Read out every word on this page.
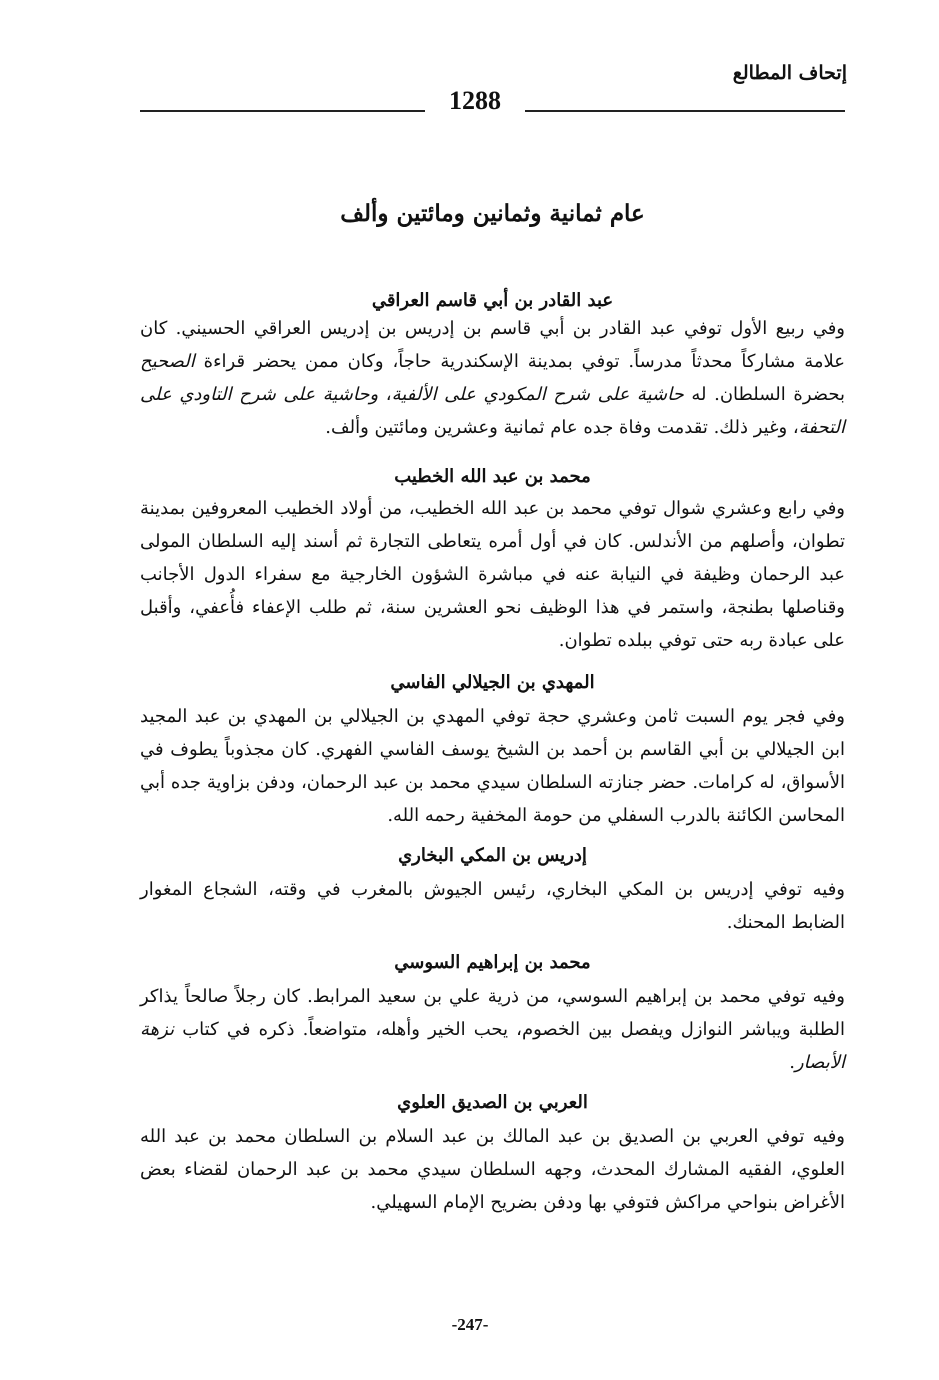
إتحاف المطالع
1288
عام ثمانية وثمانين ومائتين وألف
عبد القادر بن أبي قاسم العراقي

وفي ربيع الأول توفي عبد القادر بن أبي قاسم بن إدريس بن إدريس العراقي الحسيني. كان علامة مشاركاً محدثاً مدرساً. توفي بمدينة الإسكندرية حاجاً، وكان ممن يحضر قراءة الصحيح بحضرة السلطان. له حاشية على شرح المكودي على الألفية، وحاشية على شرح التاودي على التحفة، وغير ذلك. تقدمت وفاة جده عام ثمانية وعشرين ومائتين وألف.

محمد بن عبد الله الخطيب

وفي رابع وعشري شوال توفي محمد بن عبد الله الخطيب، من أولاد الخطيب المعروفين بمدينة تطوان، وأصلهم من الأندلس. كان في أول أمره يتعاطى التجارة ثم أسند إليه السلطان المولى عبد الرحمان وظيفة في النيابة عنه في مباشرة الشؤون الخارجية مع سفراء الدول الأجانب وقناصلها بطنجة، واستمر في هذا الوظيف نحو العشرين سنة، ثم طلب الإعفاء فأُعفي، وأقبل على عبادة ربه حتى توفي ببلده تطوان.

المهدي بن الجيلالي الفاسي

وفي فجر يوم السبت ثامن وعشري حجة توفي المهدي بن الجيلالي بن المهدي بن عبد المجيد ابن الجيلالي بن أبي القاسم بن أحمد بن الشيخ يوسف الفاسي الفهري. كان مجذوباً يطوف في الأسواق، له كرامات. حضر جنازته السلطان سيدي محمد بن عبد الرحمان، ودفن بزاوية جده أبي المحاسن الكائنة بالدرب السفلي من حومة المخفية رحمه الله.

إدريس بن المكي البخاري

وفيه توفي إدريس بن المكي البخاري، رئيس الجيوش بالمغرب في وقته، الشجاع المغوار الضابط المحنك.

محمد بن إبراهيم السوسي

وفيه توفي محمد بن إبراهيم السوسي، من ذرية علي بن سعيد المرابط. كان رجلاً صالحاً يذاكر الطلبة ويباشر النوازل ويفصل بين الخصوم، يحب الخير وأهله، متواضعاً. ذكره في كتاب نزهة الأبصار.

العربي بن الصديق العلوي

وفيه توفي العربي بن الصديق بن عبد المالك بن عبد السلام بن السلطان محمد بن عبد الله العلوي، الفقيه المشارك المحدث، وجهه السلطان سيدي محمد بن عبد الرحمان لقضاء بعض الأغراض بنواحي مراكش فتوفي بها ودفن بضريح الإمام السهيلي.

-247-
